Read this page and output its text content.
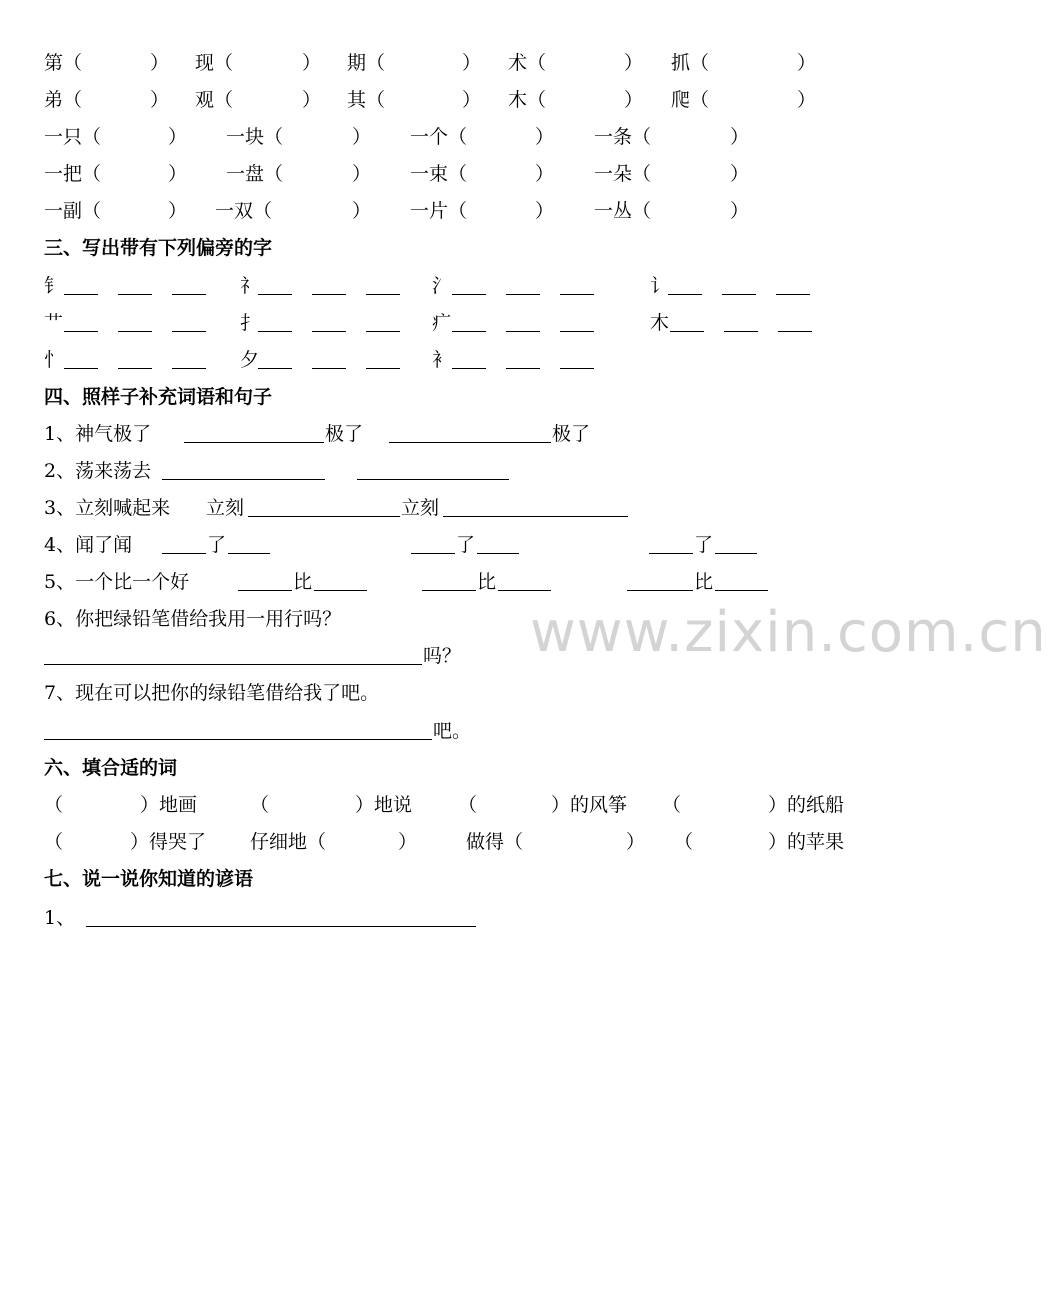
第（	） 现（	） 期（	） 术（	） 抓（	）
弟（	） 观（	） 其（	） 木（	） 爬（	）
一只（	） 一块（	） 一个（	） 一条（	）
一把（	） 一盘（	） 一束（	） 一朵（	）
一副（	） 一双（	） 一片（	） 一丛（	）
三、写出带有下列偏旁的字
钅	礻	氵	讠
艹	扌	疒	木
忄	夕	衤
四、照样子补充词语和句子
1、神气极了	极了	极了
2、荡来荡去
3、立刻喊起来 立刻	立刻
4、闻了闻	了	了	了
5、一个比一个好	比	比	比
6、你把绿铅笔借给我用一用行吗？
吗？
7、现在可以把你的绿铅笔借给我了吧。
吧。
六、填合适的词
（	）地画	（	）地说 （	）的风筝 （	）的纸船
（	）得哭了 仔细地（	）	做得（	） （	）的苹果
七、说一说你知道的谚语
1、
www.zixin.com.cn
